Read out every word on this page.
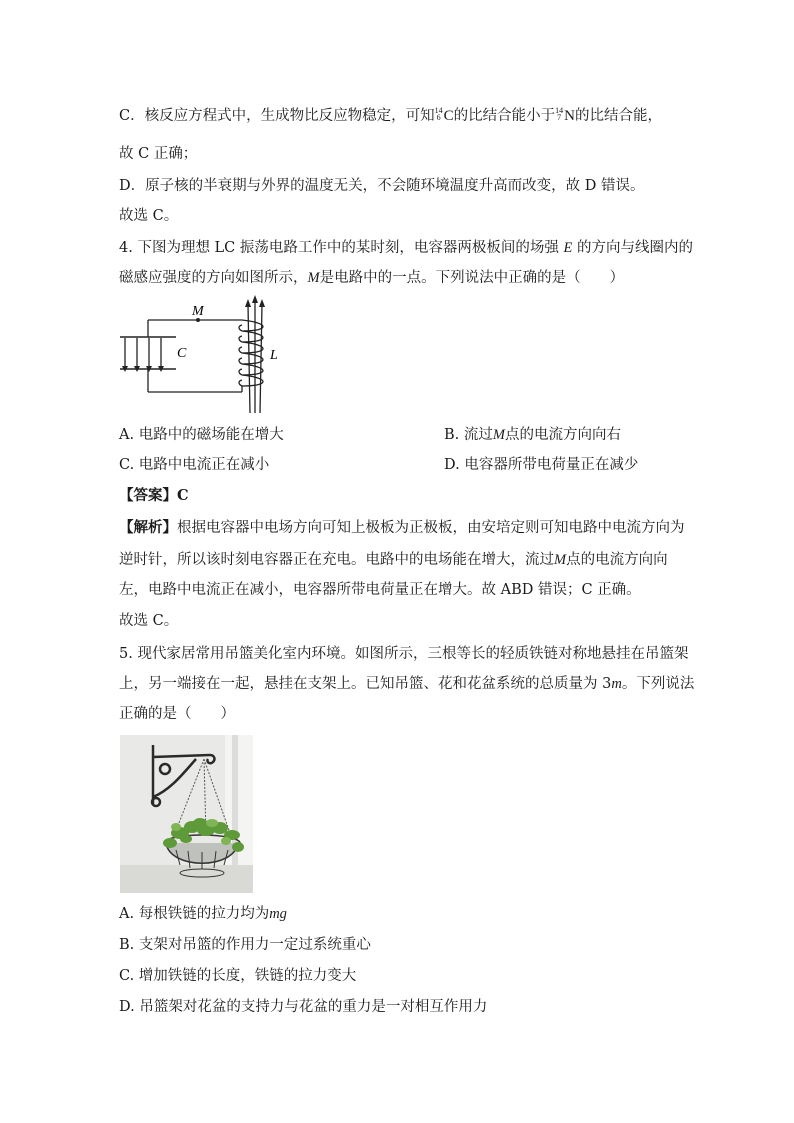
C．核反应方程式中，生成物比反应物稳定，可知 14
6 C的比结合能小于 14
7 N的比结合能，
故 C 正确；
D．原子核的半衰期与外界的温度无关，不会随环境温度升高而改变，故 D 错误。
故选 C。
4. 下图为理想 LC 振荡电路工作中的某时刻，电容器两极板间的场强 E 的方向与线圈内的
磁感应强度的方向如图所示，M是电路中的一点。下列说法中正确的是（　　）
M
C	L
A. 电路中的磁场能在增大	B. 流过M点的电流方向向右
C. 电路中电流正在减小	D. 电容器所带电荷量正在减少
【答案】C
【解析】根据电容器中电场方向可知上极板为正极板，由安培定则可知电路中电流方向为
逆时针，所以该时刻电容器正在充电。电路中的电场能在增大，流过M点的电流方向向
左，电路中电流正在减小，电容器所带电荷量正在增大。故 ABD 错误；C 正确。
故选 C。
5. 现代家居常用吊篮美化室内环境。如图所示，三根等长的轻质铁链对称地悬挂在吊篮架
上，另一端接在一起，悬挂在支架上。已知吊篮、花和花盆系统的总质量为 3m。下列说法
正确的是（　　）
A. 每根铁链的拉力均为mg
B. 支架对吊篮的作用力一定过系统重心
C. 增加铁链的长度，铁链的拉力变大
D. 吊篮架对花盆的支持力与花盆的重力是一对相互作用力
